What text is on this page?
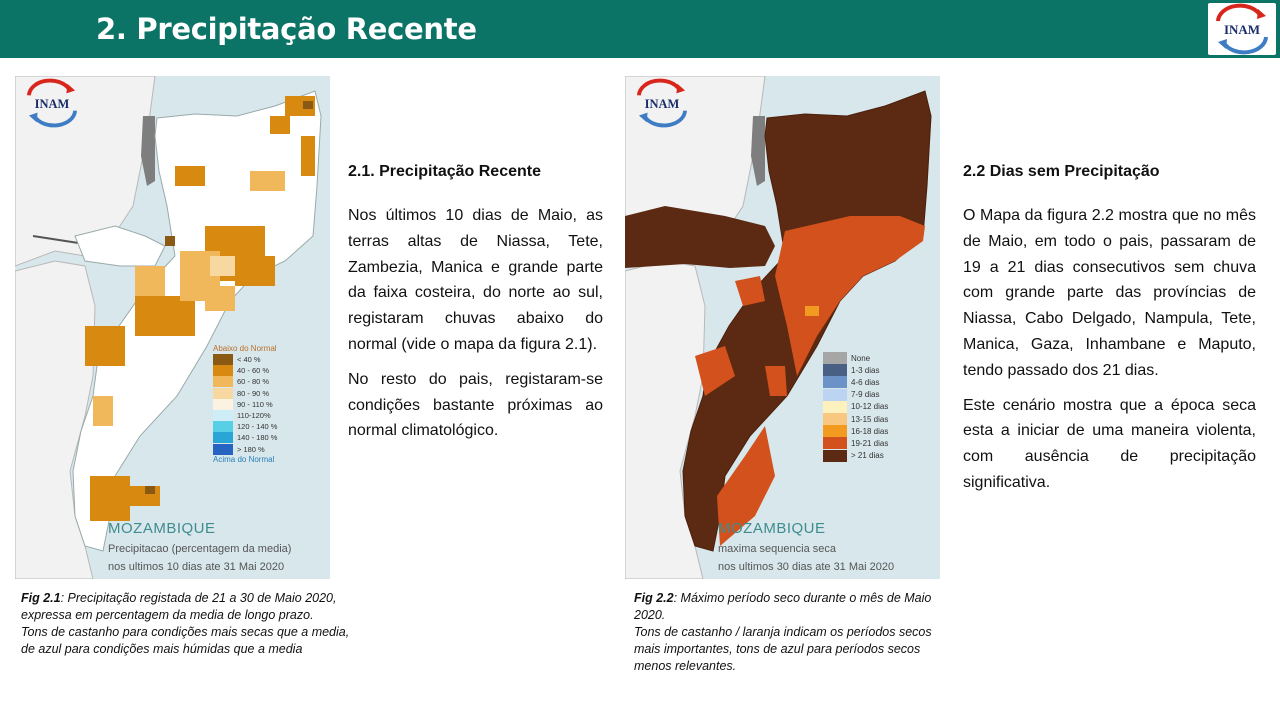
2. Precipitação Recente	INAM
INAM
Abaixo do Normal
< 40 %
40 - 60 %
60 - 80 %
80 - 90 %
90 - 110 %
110-120%
120 - 140 %
140 - 180 %
> 180 %
Acima do Normal
MOZAMBIQUE
Precipitacao (percentagem da media)
nos ultimos 10 dias ate 31 Mai 2020
Fig 2.1: Precipitação registada de 21 a 30 de Maio 2020, expressa em percentagem da media de longo prazo.
Tons de castanho para condições mais secas que a media, de azul para condições mais húmidas que a media
2.1. Precipitação Recente

Nos últimos 10 dias de Maio, as terras altas de Niassa, Tete, Zambezia, Manica e grande parte da faixa costeira, do norte ao sul, registaram chuvas abaixo do normal (vide o mapa da figura 2.1).

No resto do pais, registaram-se condições bastante próximas ao normal climatológico.

INAM
None
1-3 dias
4-6 dias
7-9 dias
10-12 dias
13-15 dias
16-18 dias
19-21 dias
> 21 dias
MOZAMBIQUE
maxima sequencia seca
nos ultimos 30 dias ate 31 Mai 2020
Fig 2.2: Máximo período seco durante o mês de Maio 2020.
Tons de castanho / laranja indicam os períodos secos mais importantes, tons de azul para períodos secos menos relevantes.
2.2 Dias sem Precipitação

O Mapa da figura 2.2 mostra que no mês de Maio, em todo o pais, passaram de 19 a 21 dias consecutivos sem chuva com grande parte das províncias de Niassa, Cabo Delgado, Nampula, Tete, Manica, Gaza, Inhambane e Maputo, tendo passado dos 21 dias.

Este cenário mostra que a época seca esta a iniciar de uma maneira violenta, com ausência de precipitação significativa.
